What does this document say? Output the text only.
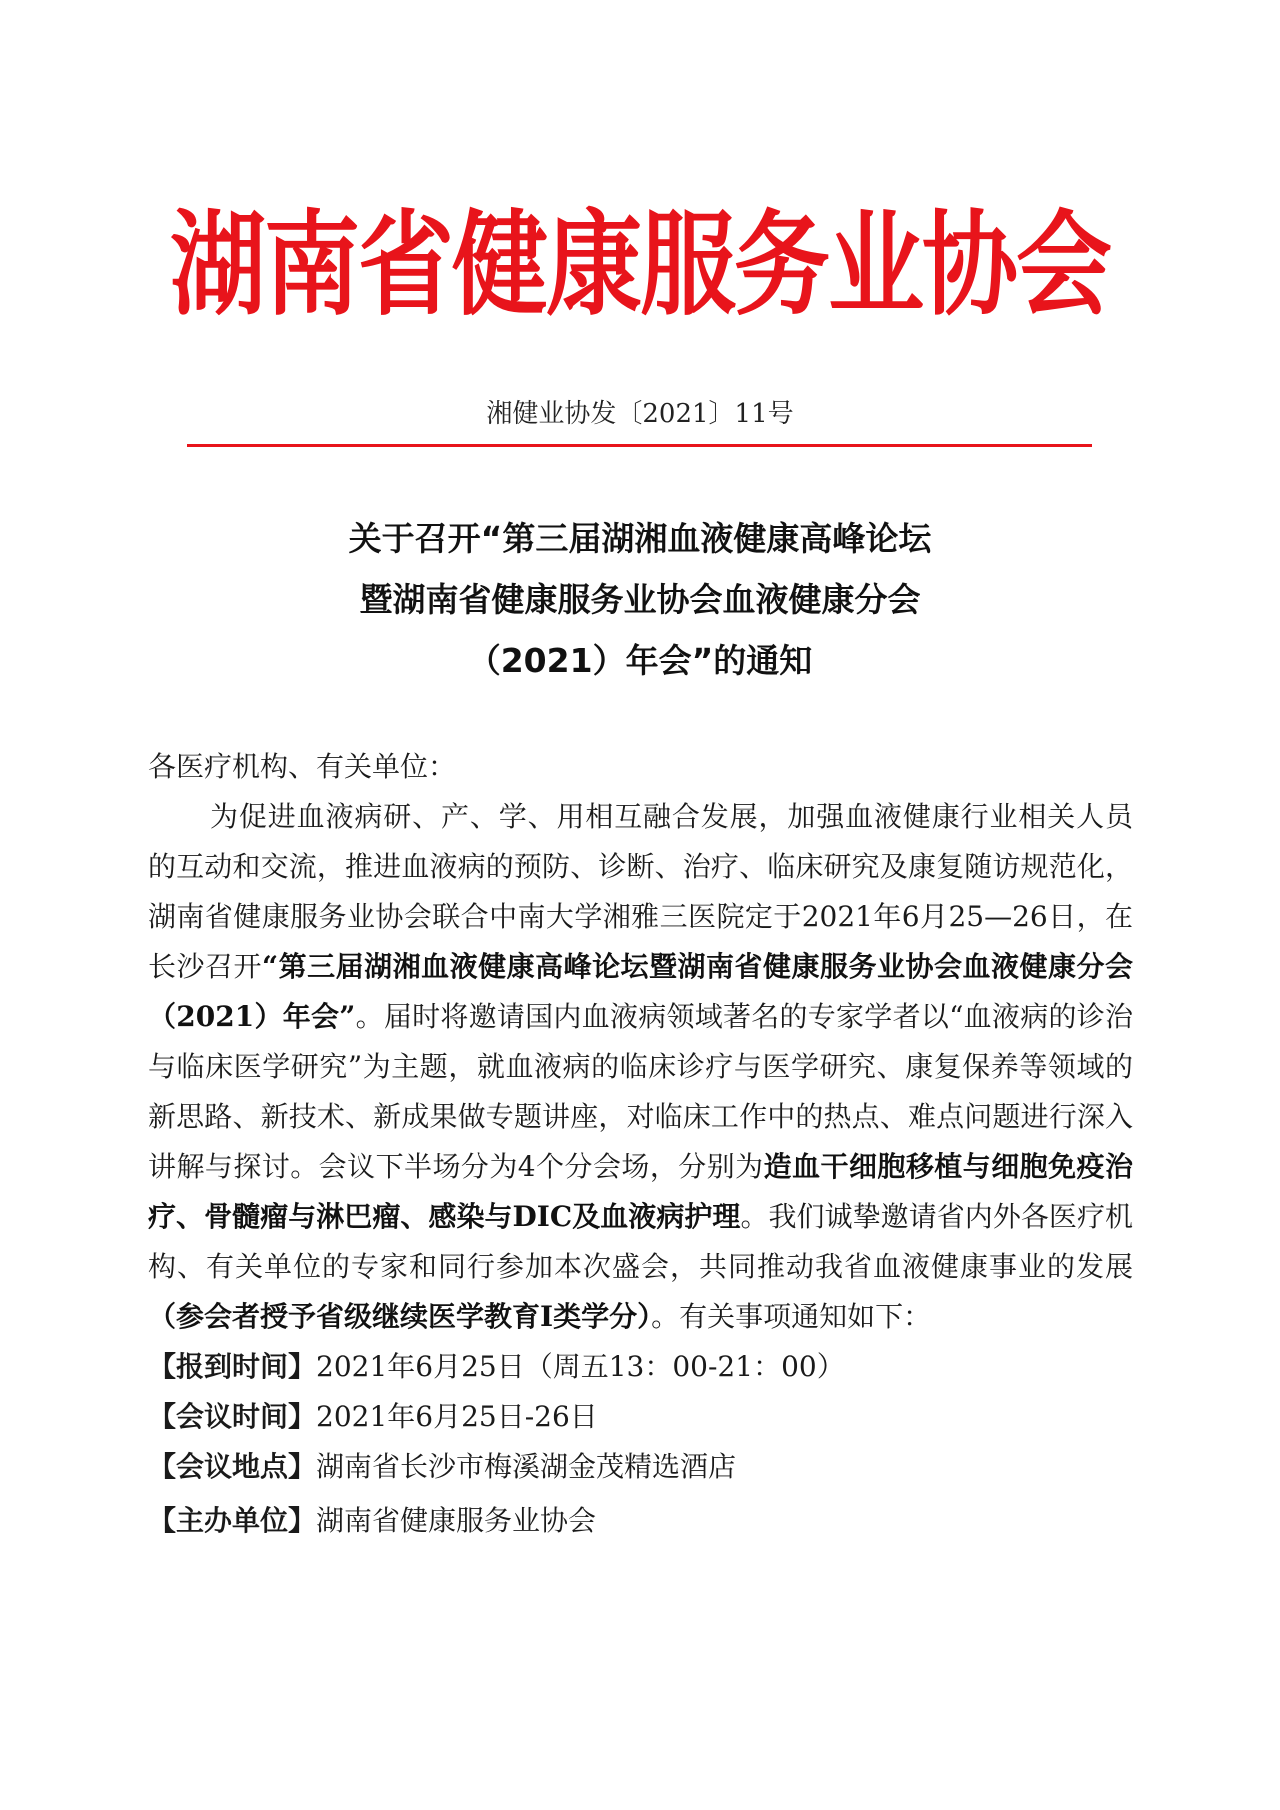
湖南省健康服务业协会
湘健业协发〔2021〕11号
关于召开“第三届湖湘血液健康高峰论坛
暨湖南省健康服务业协会血液健康分会
（2021）年会”的通知
各医疗机构、有关单位：

为促进血液病研、产、学、用相互融合发展，加强血液健康行业相关人员的互动和交流，推进血液病的预防、诊断、治疗、临床研究及康复随访规范化，湖南省健康服务业协会联合中南大学湘雅三医院定于2021年6月25—26日，在长沙召开“第三届湖湘血液健康高峰论坛暨湖南省健康服务业协会血液健康分会（2021）年会”。届时将邀请国内血液病领域著名的专家学者以“血液病的诊治与临床医学研究”为主题，就血液病的临床诊疗与医学研究、康复保养等领域的新思路、新技术、新成果做专题讲座，对临床工作中的热点、难点问题进行深入讲解与探讨。会议下半场分为4个分会场，分别为造血干细胞移植与细胞免疫治疗、骨髓瘤与淋巴瘤、感染与DIC及血液病护理。我们诚挚邀请省内外各医疗机构、有关单位的专家和同行参加本次盛会，共同推动我省血液健康事业的发展（参会者授予省级继续医学教育Ⅰ类学分）。有关事项通知如下：

【报到时间】2021年6月25日（周五13：00-21：00）
【会议时间】2021年6月25日-26日
【会议地点】湖南省长沙市梅溪湖金茂精选酒店
【主办单位】湖南省健康服务业协会
